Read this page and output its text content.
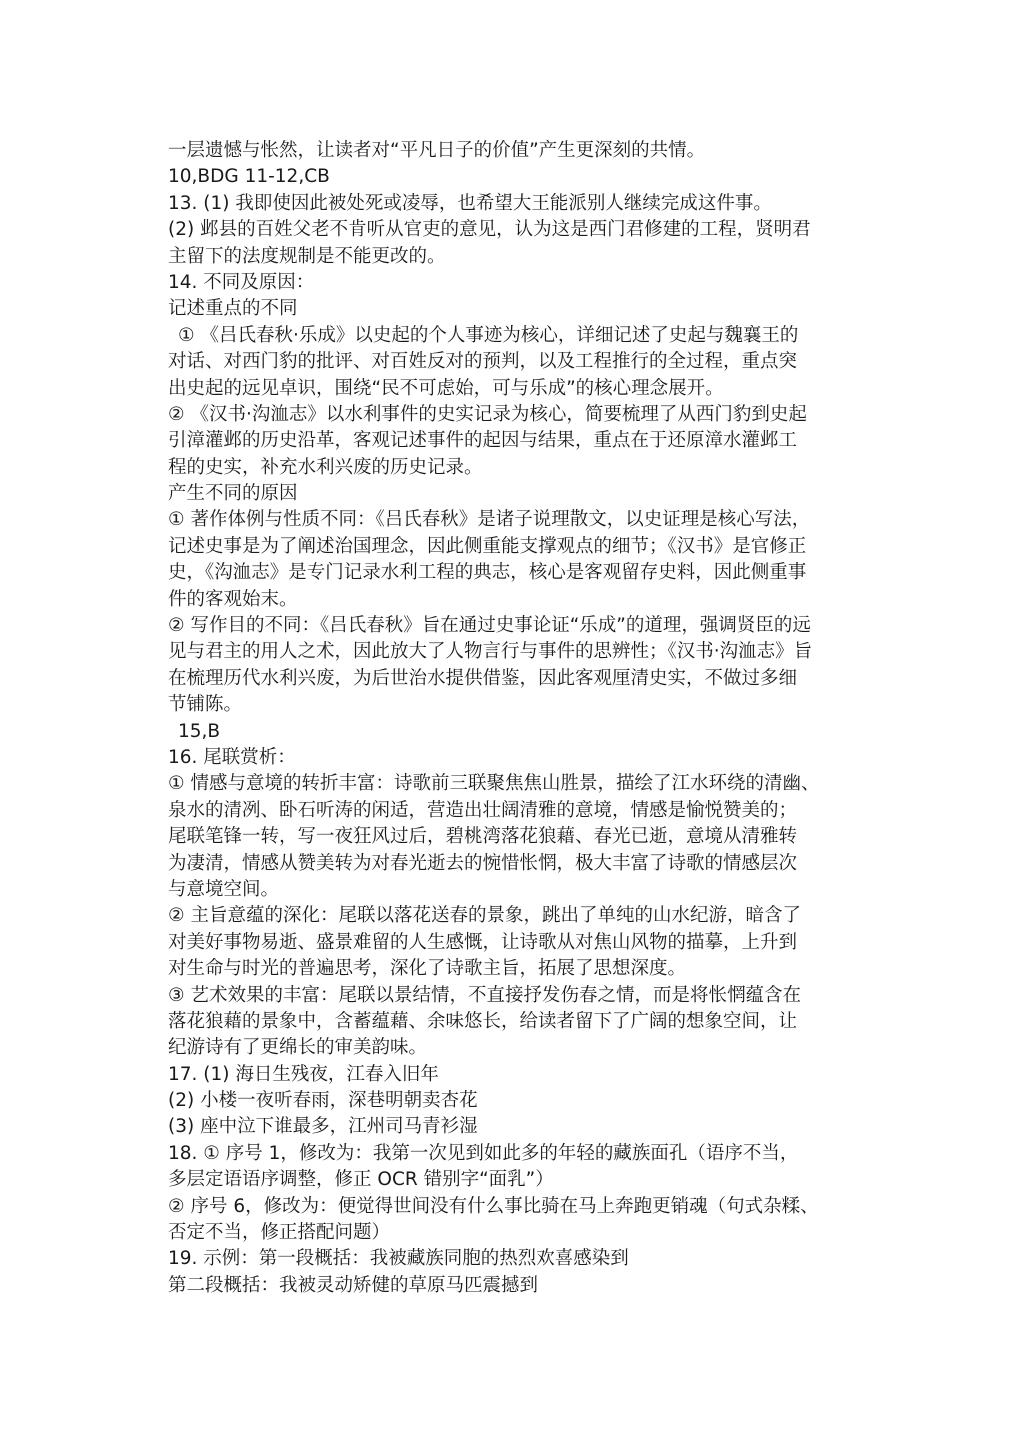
一层遗憾与怅然，让读者对“平凡日子的价值”产生更深刻的共情。
10,BDG 11-12,CB
13. (1) 我即使因此被处死或凌辱，也希望大王能派别人继续完成这件事。
(2) 邺县的百姓父老不肯听从官吏的意见，认为这是西门君修建的工程，贤明君
主留下的法度规制是不能更改的。
14. 不同及原因：
记述重点的不同
① 《吕氏春秋·乐成》以史起的个人事迹为核心，详细记述了史起与魏襄王的
对话、对西门豹的批评、对百姓反对的预判，以及工程推行的全过程，重点突
出史起的远见卓识，围绕“民不可虑始，可与乐成”的核心理念展开。
② 《汉书·沟洫志》以水利事件的史实记录为核心，简要梳理了从西门豹到史起
引漳灌邺的历史沿革，客观记述事件的起因与结果，重点在于还原漳水灌邺工
程的史实，补充水利兴废的历史记录。
产生不同的原因
① 著作体例与性质不同：《吕氏春秋》是诸子说理散文，以史证理是核心写法，
记述史事是为了阐述治国理念，因此侧重能支撑观点的细节；《汉书》是官修正
史，《沟洫志》是专门记录水利工程的典志，核心是客观留存史料，因此侧重事
件的客观始末。
② 写作目的不同：《吕氏春秋》旨在通过史事论证“乐成”的道理，强调贤臣的远
见与君主的用人之术，因此放大了人物言行与事件的思辨性；《汉书·沟洫志》旨
在梳理历代水利兴废，为后世治水提供借鉴，因此客观厘清史实，不做过多细
节铺陈。
15,B
16. 尾联赏析：
① 情感与意境的转折丰富：诗歌前三联聚焦焦山胜景，描绘了江水环绕的清幽、
泉水的清冽、卧石听涛的闲适，营造出壮阔清雅的意境，情感是愉悦赞美的；
尾联笔锋一转，写一夜狂风过后，碧桃湾落花狼藉、春光已逝，意境从清雅转
为凄清，情感从赞美转为对春光逝去的惋惜怅惘，极大丰富了诗歌的情感层次
与意境空间。
② 主旨意蕴的深化：尾联以落花送春的景象，跳出了单纯的山水纪游，暗含了
对美好事物易逝、盛景难留的人生感慨，让诗歌从对焦山风物的描摹，上升到
对生命与时光的普遍思考，深化了诗歌主旨，拓展了思想深度。
③ 艺术效果的丰富：尾联以景结情，不直接抒发伤春之情，而是将怅惘蕴含在
落花狼藉的景象中，含蓄蕴藉、余味悠长，给读者留下了广阔的想象空间，让
纪游诗有了更绵长的审美韵味。
17. (1) 海日生残夜，江春入旧年
(2) 小楼一夜听春雨，深巷明朝卖杏花
(3) 座中泣下谁最多，江州司马青衫湿
18. ① 序号 1，修改为：我第一次见到如此多的年轻的藏族面孔（语序不当，
多层定语语序调整，修正 OCR 错别字“面乳”）
② 序号 6，修改为：便觉得世间没有什么事比骑在马上奔跑更销魂（句式杂糅、
否定不当，修正搭配问题）
19. 示例：第一段概括：我被藏族同胞的热烈欢喜感染到
第二段概括：我被灵动矫健的草原马匹震撼到
